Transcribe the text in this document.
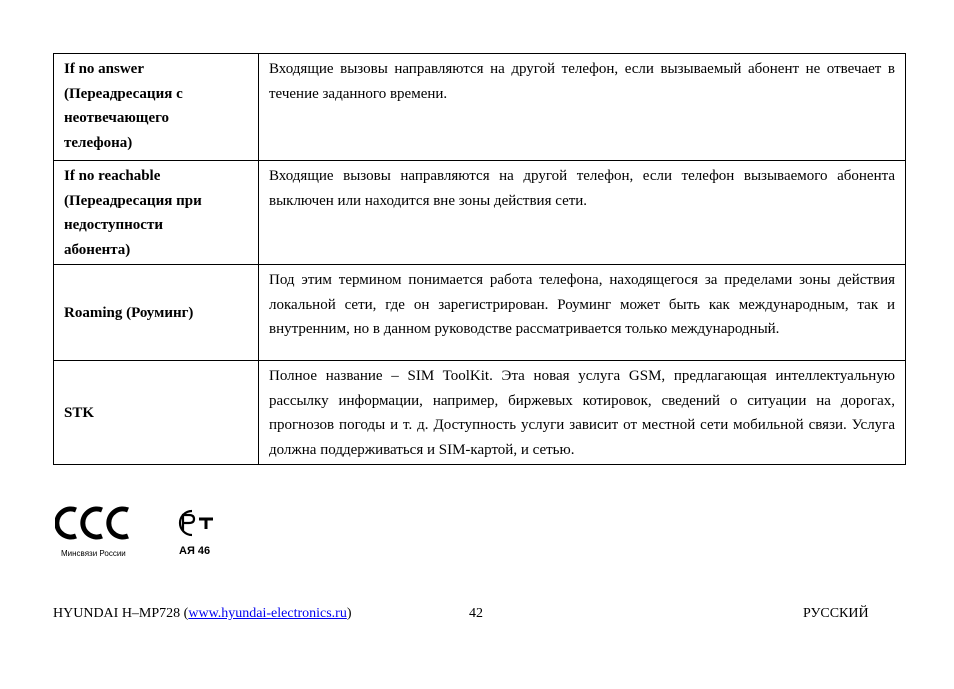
If no answer
(Переадресация с
неотвечающего
телефона)	Входящие вызовы направляются на другой телефон, если вызываемый абонент не отвечает в течение заданного времени.

If no reachable
(Переадресация при
недоступности
абонента)	Входящие вызовы направляются на другой телефон, если телефон вызываемого абонента выключен или находится вне зоны действия сети.

Roaming (Роуминг)	Под этим термином понимается работа телефона, находящегося за пределами зоны действия локальной сети, где он зарегистрирован. Роуминг может быть как международным, так и внутренним, но в данном руководстве рассматривается только международный.

STK	Полное название – SIM ToolKit. Эта новая услуга GSM, предлагающая интеллектуальную рассылку информации, например, биржевых котировок, сведений о ситуации на дорогах, прогнозов погоды и т. д. Доступность услуги зависит от местной сети мобильной связи. Услуга должна поддерживаться и SIM-картой, и сетью.
Минсвязи России	АЯ 46
HYUNDAI H–MP728 (www.hyundai-electronics.ru)	42	РУССКИЙ
